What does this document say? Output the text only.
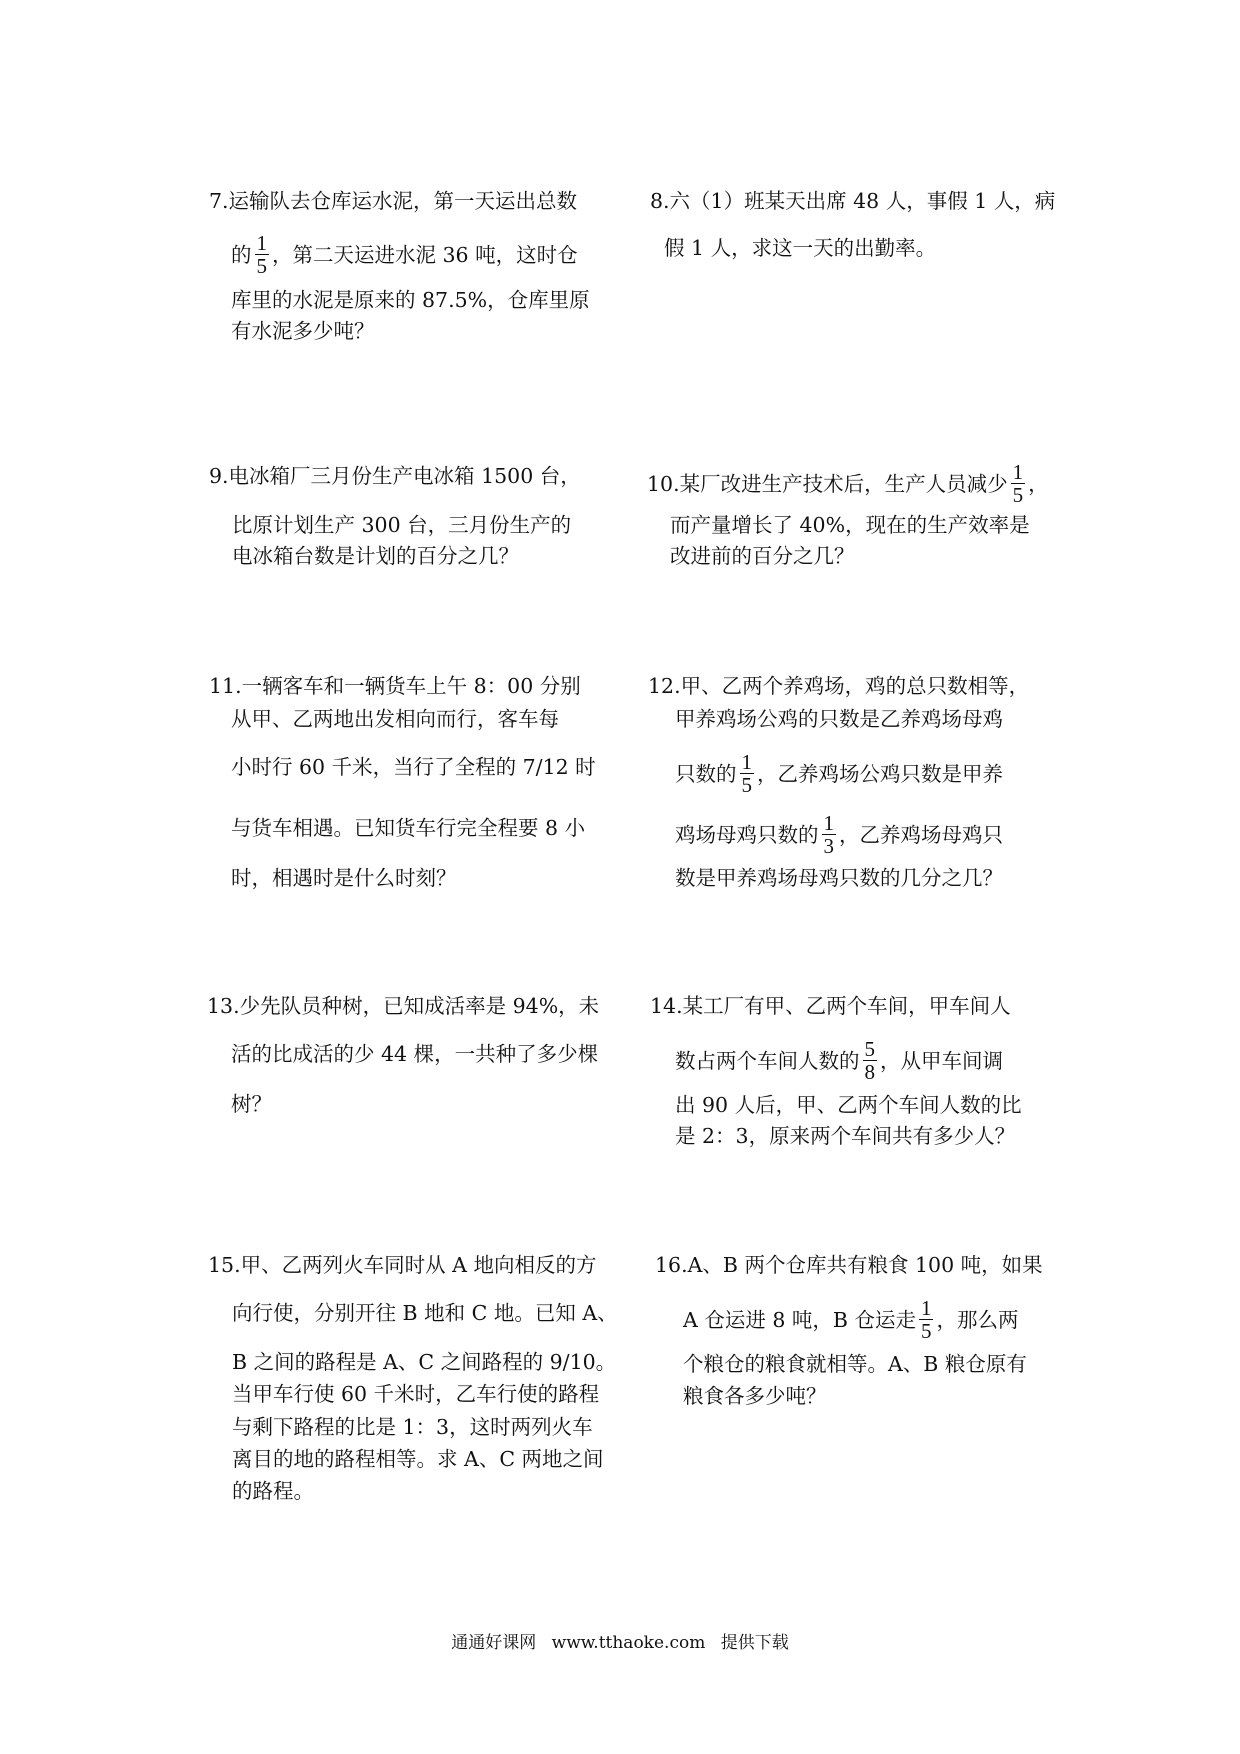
7.运输队去仓库运水泥，第一天运出总数
的 $\frac{1}{5}$ ，第二天运进水泥 36 吨，这时仓
库里的水泥是原来的 87.5%，仓库里原
有水泥多少吨？
8.六（1）班某天出席 48 人，事假 1 人，病
假 1 人，求这一天的出勤率。
9.电冰箱厂三月份生产电冰箱 1500 台，
比原计划生产 300 台，三月份生产的
电冰箱台数是计划的百分之几？
10.某厂改进生产技术后，生产人员减少 $\frac{1}{5}$ ，
而产量增长了 40%，现在的生产效率是
改进前的百分之几？
11.一辆客车和一辆货车上午 8：00 分别
从甲、乙两地出发相向而行，客车每
小时行 60 千米，当行了全程的 7/12 时
与货车相遇。已知货车行完全程要 8 小
时，相遇时是什么时刻？
12.甲、乙两个养鸡场，鸡的总只数相等，
甲养鸡场公鸡的只数是乙养鸡场母鸡
只数的 $\frac{1}{5}$ ，乙养鸡场公鸡只数是甲养
鸡场母鸡只数的 $\frac{1}{3}$ ，乙养鸡场母鸡只
数是甲养鸡场母鸡只数的几分之几？
13.少先队员种树，已知成活率是 94%，未
活的比成活的少 44 棵，一共种了多少棵
树？
14.某工厂有甲、乙两个车间，甲车间人
数占两个车间人数的 $\frac{5}{8}$ ，从甲车间调
出 90 人后，甲、乙两个车间人数的比
是 2：3，原来两个车间共有多少人？
15.甲、乙两列火车同时从 A 地向相反的方
向行使，分别开往 B 地和 C 地。已知 A、
B 之间的路程是 A、C 之间路程的 9/10。
当甲车行使 60 千米时，乙车行使的路程
与剩下路程的比是 1：3，这时两列火车
离目的地的路程相等。求 A、C 两地之间
的路程。
16.A、B 两个仓库共有粮食 100 吨，如果
A 仓运进 8 吨，B 仓运走 $\frac{1}{5}$ ，那么两
个粮仓的粮食就相等。A、B 粮仓原有
粮食各多少吨？
通通好课网 www.tthaoke.com 提供下载
